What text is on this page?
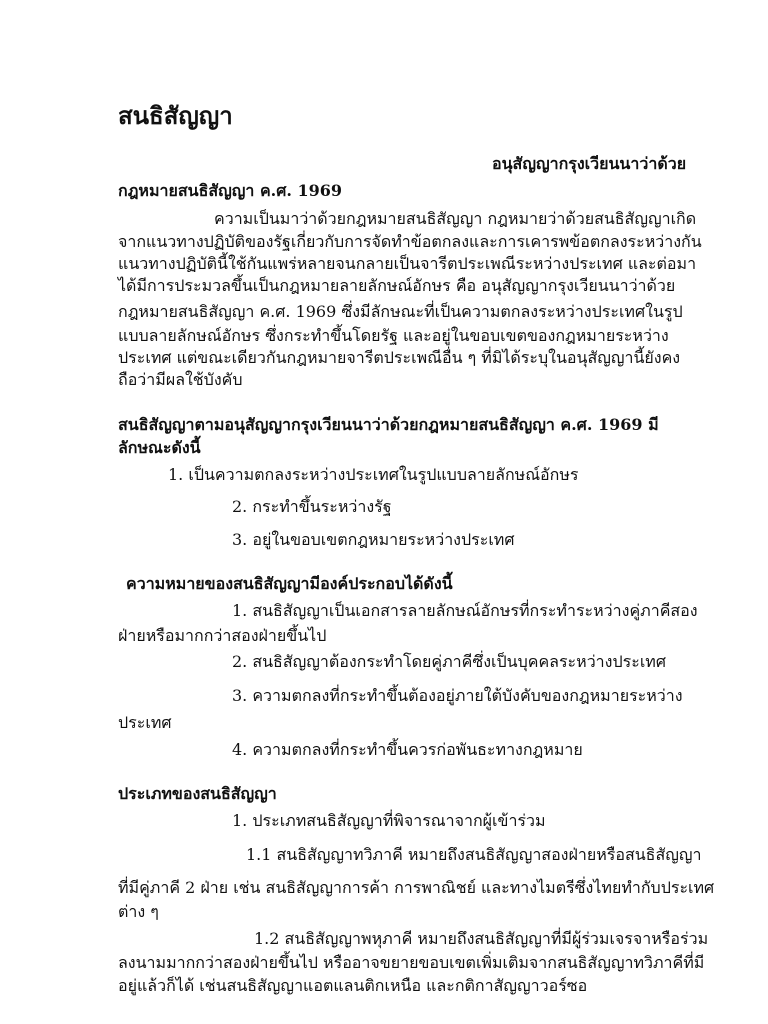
สนธิสัญญา
อนุสัญญากรุงเวียนนาว่าด้วย
กฎหมายสนธิสัญญา ค.ศ. 1969
ความเป็นมาว่าด้วยกฎหมายสนธิสัญญา กฎหมายว่าด้วยสนธิสัญญาเกิด
จากแนวทางปฏิบัติของรัฐเกี่ยวกับการจัดทำข้อตกลงและการเคารพข้อตกลงระหว่างกัน
แนวทางปฏิบัตินี้ใช้กันแพร่หลายจนกลายเป็นจารีตประเพณีระหว่างประเทศ และต่อมา
ได้มีการประมวลขึ้นเป็นกฎหมายลายลักษณ์อักษร คือ อนุสัญญากรุงเวียนนาว่าด้วย
กฎหมายสนธิสัญญา ค.ศ. 1969 ซึ่งมีลักษณะที่เป็นความตกลงระหว่างประเทศในรูป
แบบลายลักษณ์อักษร ซึ่งกระทำขึ้นโดยรัฐ และอยู่ในขอบเขตของกฎหมายระหว่าง
ประเทศ แต่ขณะเดียวกันกฎหมายจารีตประเพณีอื่น ๆ ที่มิได้ระบุในอนุสัญญานี้ยังคง
ถือว่ามีผลใช้บังคับ
สนธิสัญญาตามอนุสัญญากรุงเวียนนาว่าด้วยกฎหมายสนธิสัญญา ค.ศ. 1969 มี
ลักษณะดังนี้
1. เป็นความตกลงระหว่างประเทศในรูปแบบลายลักษณ์อักษร
2. กระทำขึ้นระหว่างรัฐ
3. อยู่ในขอบเขตกฎหมายระหว่างประเทศ
ความหมายของสนธิสัญญามีองค์ประกอบได้ดังนี้
1. สนธิสัญญาเป็นเอกสารลายลักษณ์อักษรที่กระทำระหว่างคู่ภาคีสอง
ฝ่ายหรือมากกว่าสองฝ่ายขึ้นไป
2. สนธิสัญญาต้องกระทำโดยคู่ภาคีซึ่งเป็นบุคคลระหว่างประเทศ
3. ความตกลงที่กระทำขึ้นต้องอยู่ภายใต้บังคับของกฎหมายระหว่าง
ประเทศ
4. ความตกลงที่กระทำขึ้นควรก่อพันธะทางกฎหมาย
ประเภทของสนธิสัญญา
1. ประเภทสนธิสัญญาที่พิจารณาจากผู้เข้าร่วม
1.1 สนธิสัญญาทวิภาคี หมายถึงสนธิสัญญาสองฝ่ายหรือสนธิสัญญา
ที่มีคู่ภาคี 2 ฝ่าย เช่น สนธิสัญญาการค้า การพาณิชย์ และทางไมตรีซึ่งไทยทำกับประเทศ
ต่าง ๆ
1.2 สนธิสัญญาพหุภาคี หมายถึงสนธิสัญญาที่มีผู้ร่วมเจรจาหรือร่วม
ลงนามมากกว่าสองฝ่ายขึ้นไป หรืออาจขยายขอบเขตเพิ่มเติมจากสนธิสัญญาทวิภาคีที่มี
อยู่แล้วก็ได้ เช่นสนธิสัญญาแอตแลนติกเหนือ และกติกาสัญญาวอร์ซอ
